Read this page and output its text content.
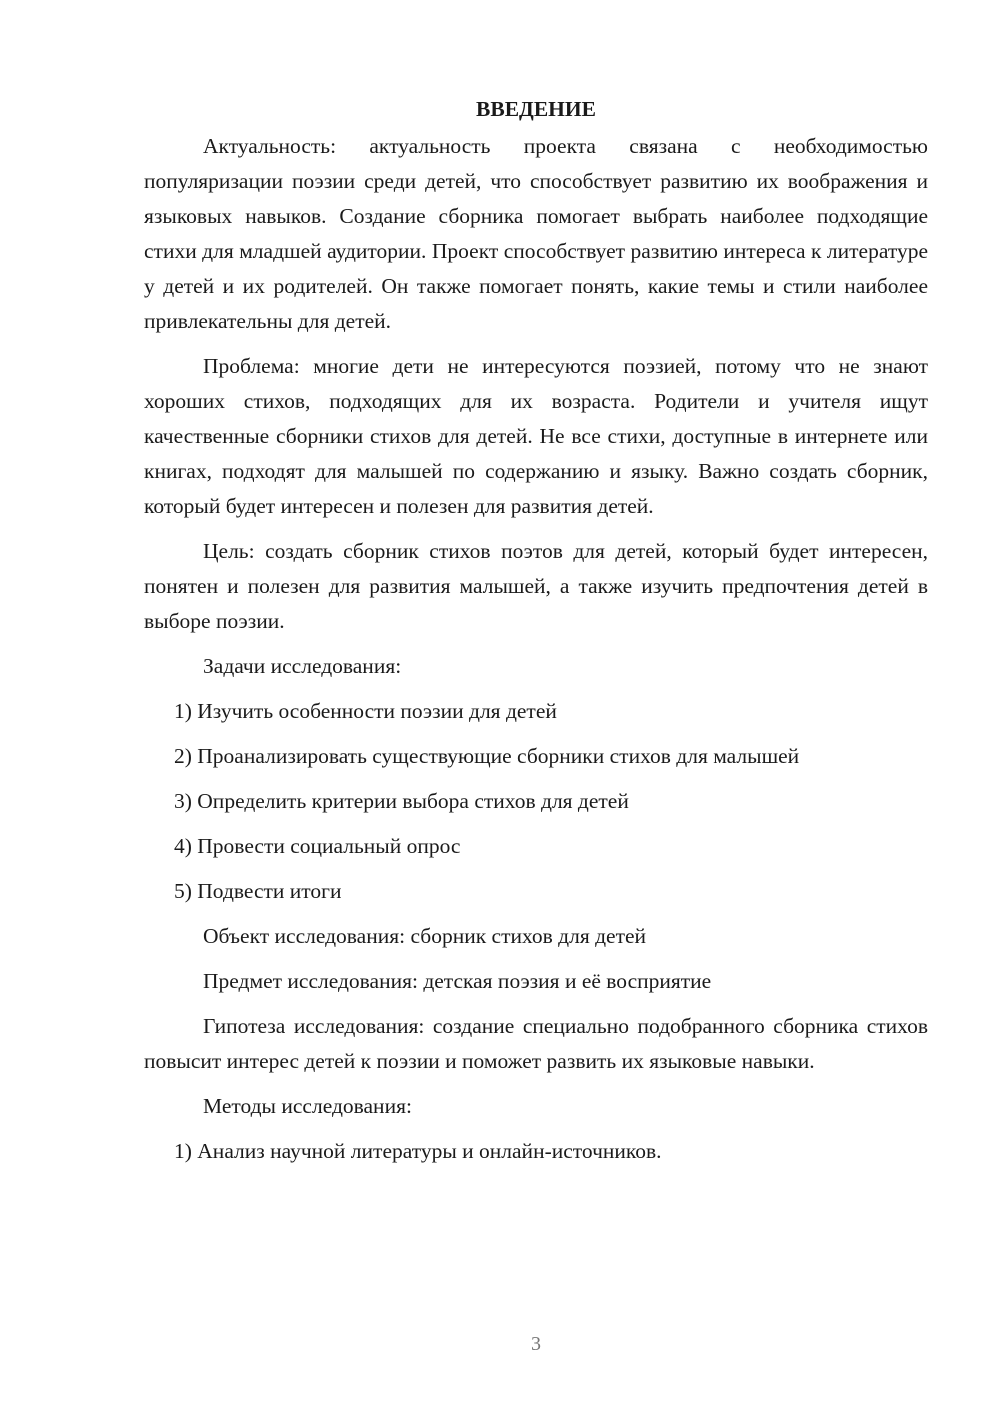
ВВЕДЕНИЕ

Актуальность: актуальность проекта связана с необходимостью популяризации поэзии среди детей, что способствует развитию их воображения и языковых навыков. Создание сборника помогает выбрать наиболее подходящие стихи для младшей аудитории. Проект способствует развитию интереса к литературе у детей и их родителей. Он также помогает понять, какие темы и стили наиболее привлекательны для детей.

Проблема: многие дети не интересуются поэзией, потому что не знают хороших стихов, подходящих для их возраста. Родители и учителя ищут качественные сборники стихов для детей. Не все стихи, доступные в интернете или книгах, подходят для малышей по содержанию и языку. Важно создать сборник, который будет интересен и полезен для развития детей.

Цель: создать сборник стихов поэтов для детей, который будет интересен, понятен и полезен для развития малышей, а также изучить предпочтения детей в выборе поэзии.

Задачи исследования:
1) Изучить особенности поэзии для детей
2) Проанализировать существующие сборники стихов для малышей
3) Определить критерии выбора стихов для детей
4) Провести социальный опрос
5) Подвести итоги
Объект исследования: сборник стихов для детей
Предмет исследования: детская поэзия и её восприятие

Гипотеза исследования: создание специально подобранного сборника стихов повысит интерес детей к поэзии и поможет развить их языковые навыки.

Методы исследования:
1) Анализ научной литературы и онлайн-источников.
3
